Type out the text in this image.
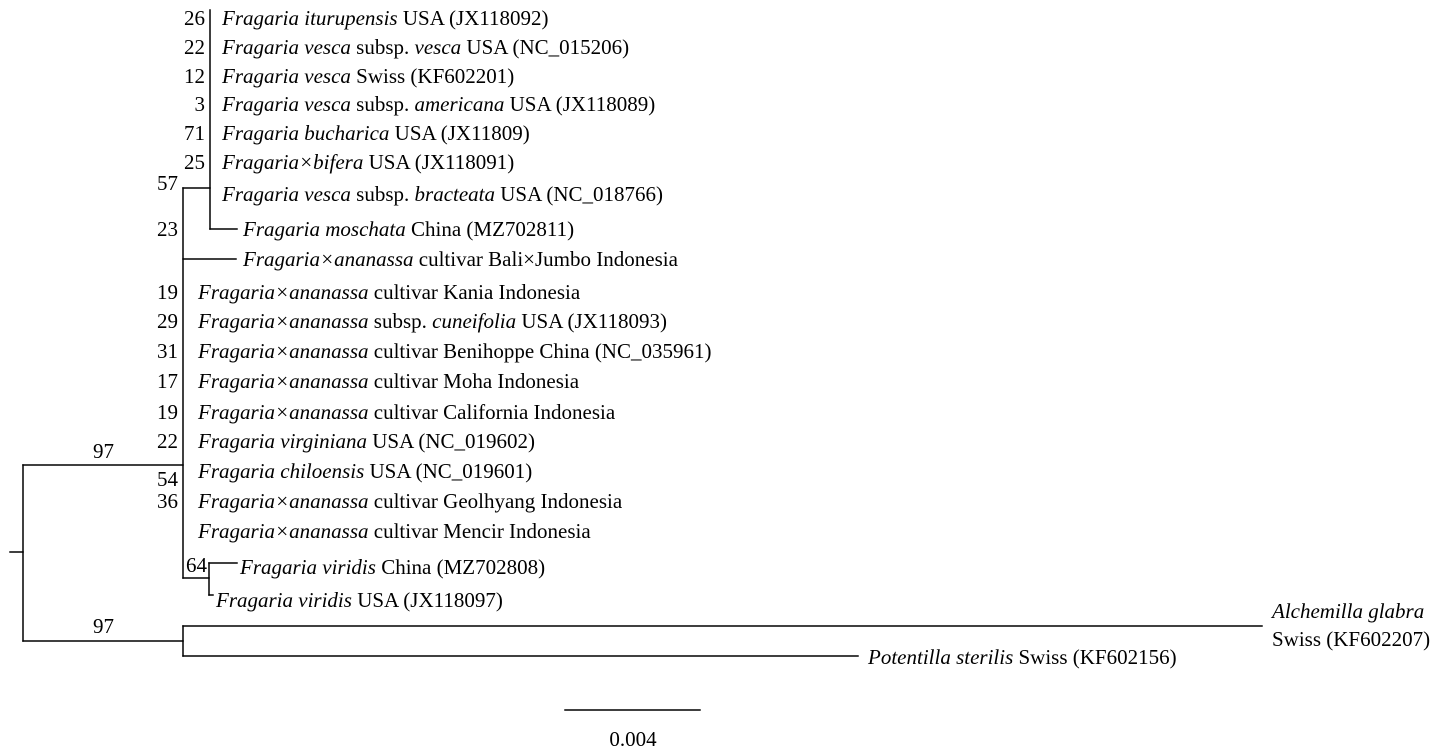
26
22
12
3
71
25
19
29
31
17
19
22
36
57
23
54
64
97
97
Fragaria iturupensis USA (JX118092)
Fragaria vesca subsp. vesca USA (NC_015206)
Fragaria vesca Swiss (KF602201)
Fragaria vesca subsp. americana USA (JX118089)
Fragaria bucharica USA (JX11809)
Fragaria×bifera USA (JX118091)
Fragaria vesca subsp. bracteata USA (NC_018766)
Fragaria moschata China (MZ702811)
Fragaria×ananassa cultivar Bali×Jumbo Indonesia
Fragaria×ananassa cultivar Kania Indonesia
Fragaria×ananassa subsp. cuneifolia USA (JX118093)
Fragaria×ananassa cultivar Benihoppe China (NC_035961)
Fragaria×ananassa cultivar Moha Indonesia
Fragaria×ananassa cultivar California Indonesia
Fragaria virginiana USA (NC_019602)
Fragaria chiloensis USA (NC_019601)
Fragaria×ananassa cultivar Geolhyang Indonesia
Fragaria×ananassa cultivar Mencir Indonesia
Fragaria viridis China (MZ702808)
Fragaria viridis USA (JX118097)	Alchemilla glabra
Swiss (KF602207)
Potentilla sterilis Swiss (KF602156)
0.004
